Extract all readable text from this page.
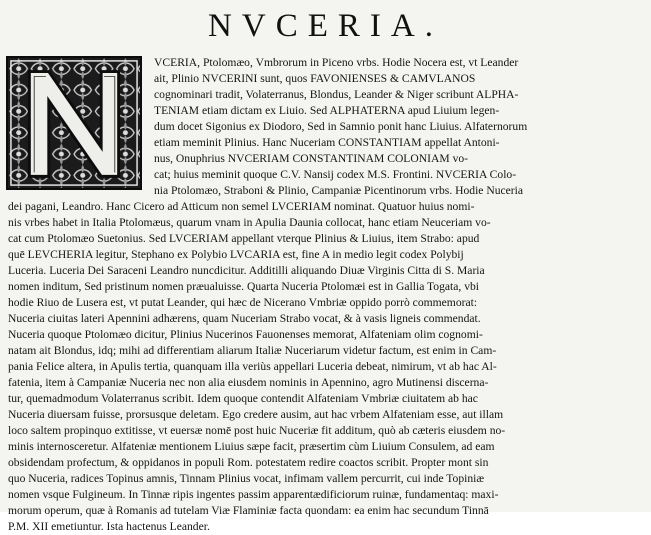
NVCERIA.
VCERIA, Ptolomæo, Vmbrorum in Piceno vrbs. Hodie Nocera est, vt Leander
ait, Plinio NVCERINI sunt, quos FAVONIENSES & CAMVLANOS
cognominari tradit, Volaterranus, Blondus, Leander & Niger scribunt ALPHA-
TENIAM etiam dictam ex Liuio. Sed ALPHATERNA apud Liuium legen-
dum docet Sigonius ex Diodoro, Sed in Samnio ponit hanc Liuius. Alfaternorum
etiam meminit Plinius. Hanc Nuceriam CONSTANTIAM appellat Antoni-
nus, Onuphrius NVCERIAM CONSTANTINAM COLONIAM vo-
cat; huius meminit quoque C.V. Nansij codex M.S. Frontini. NVCERIA Colo-
nia Ptolomæo, Straboni & Plinio, Campaniæ Picentinorum vrbs. Hodie Nuceria
dei pagani, Leandro. Hanc Cicero ad Atticum non semel LVCERIAM nominat. Quatuor huius nomi-
nis vrbes habet in Italia Ptolomæus, quarum vnam in Apulia Daunia collocat, hanc etiam Neuceriam vo-
cat cum Ptolomæo Suetonius. Sed LVCERIAM appellant vterque Plinius & Liuius, item Strabo: apud
quē LEVCHERIA legitur, Stephano ex Polybio LVCARIA est, fine A in medio legit codex Polybij
Luceria. Luceria Dei Saraceni Leandro nuncdicitur. Additilli aliquando Diuæ Virginis Citta di S. Maria
nomen inditum, Sed pristinum nomen præualuisse. Quarta Nuceria Ptolomæi est in Gallia Togata, vbi
hodie Riuo de Lusera est, vt putat Leander, qui hæc de Nicerano Vmbriæ oppido porrò commemorat:
Nuceria ciuitas lateri Apennini adhærens, quam Nuceriam Strabo vocat, & à vasis ligneis commendat.
Nuceria quoque Ptolomæo dicitur, Plinius Nucerinos Fauonenses memorat, Alfateniam olim cognomi-
natam ait Blondus, idq; mihi ad differentiam aliarum Italiæ Nuceriarum videtur factum, est enim in Cam-
pania Felice altera, in Apulis tertia, quanquam illa veriùs appellari Luceria debeat, nimirum, vt ab hac Al-
fatenia, item à Campaniæ Nuceria nec non alia eiusdem nominis in Apennino, agro Mutinensi discerna-
tur, quemadmodum Volaterranus scribit. Idem quoque contendit Alfateniam Vmbriæ ciuitatem ab hac
Nuceria diuersam fuisse, prorsusque deletam. Ego credere ausim, aut hac vrbem Alfateniam esse, aut illam
loco saltem propinquo extitisse, vt euersæ nomē post huic Nuceriæ fit additum, quò ab cæteris eiusdem no-
minis internosceretur. Alfateniæ mentionem Liuius sæpe facit, præsertim cùm Liuium Consulem, ad eam
obsidendam profectum, & oppidanos in populi Rom. potestatem redire coactos scribit. Propter mont sin
quo Nuceria, radices Topinus amnis, Tinnam Plinius vocat, infimam vallem percurrit, cui inde Topiniæ
nomen vsque Fulgineum. In Tinnæ ripis ingentes passim apparentædificiorum ruinæ, fundamentaq: maxi-
morum operum, quæ à Romanis ad tutelam Viæ Flaminiæ facta quondam: ea enim hac secundum Tinnā
P.M. XII emetiuntur. Ista hactenus Leander.
